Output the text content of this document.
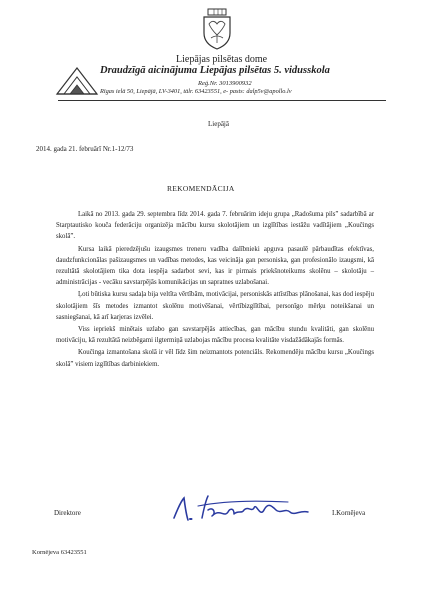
Liepājas pilsētas dome
Draudzīgā aicinājuma Liepājas pilsētas 5. vidusskola
Reģ.Nr. 3013900932
Rīgas ielā 50, Liepājā, LV-3401, tālr. 63423551, e- pasts: dalp5v@apollo.lv
Liepājā
2014. gada 21. februārī Nr.1-12/73
REKOMENDĀCIJA

Laikā no 2013. gada 29. septembra līdz 2014. gada 7. februārim ideju grupa „Radošuma pils” sadarbībā ar Starptautisko kouča federāciju organizēja mācību kursu skolotājiem un izglītības iestāžu vadītājiem „Koučings skolā”.

Kursa laikā pieredzējušu izaugsmes treneru vadība dalībnieki apguva pasaulē pārbaudītas efektīvas, daudzfunkcionālas pašizaugsmes un vadības metodes, kas veicināja gan personiska, gan profesionālo izaugsmi, kā rezultātā skolotājiem tika dota iespēja sadarbot sevi, kas ir pirmais priekšnoteikums skolēnu – skolotāju – administrācijas - vecāku savstarpējās komunikācijas un sapratnes uzlabošanai.

Ļoti būtiska kursu sadaļa bija veltīta vērtībām, motivācijai, personiskās attīstības plānošanai, kas dod iespēju skolotājiem šīs metodes izmantot skolēnu motivēšanai, vērtībizglītībai, personīgo mērķu noteikšanai un sasniegšanai, kā arī karjeras izvēlei.

Viss iepriekš minētais uzlabo gan savstarpējās attiecības, gan mācību stundu kvalitāti, gan skolēnu motivāciju, kā rezultātā neizbēgami ilgtermiņā uzlabojas mācību procesa kvalitāte visdažādākajās formās.

Koučinga izmantošana skolā ir vēl līdz šim neizmantots potenciāls. Rekomendēju mācību kursu „Koučings skolā” visiem izglītības darbiniekiem.

Direktore	I.Kornējeva
Kornējeva 63423551
